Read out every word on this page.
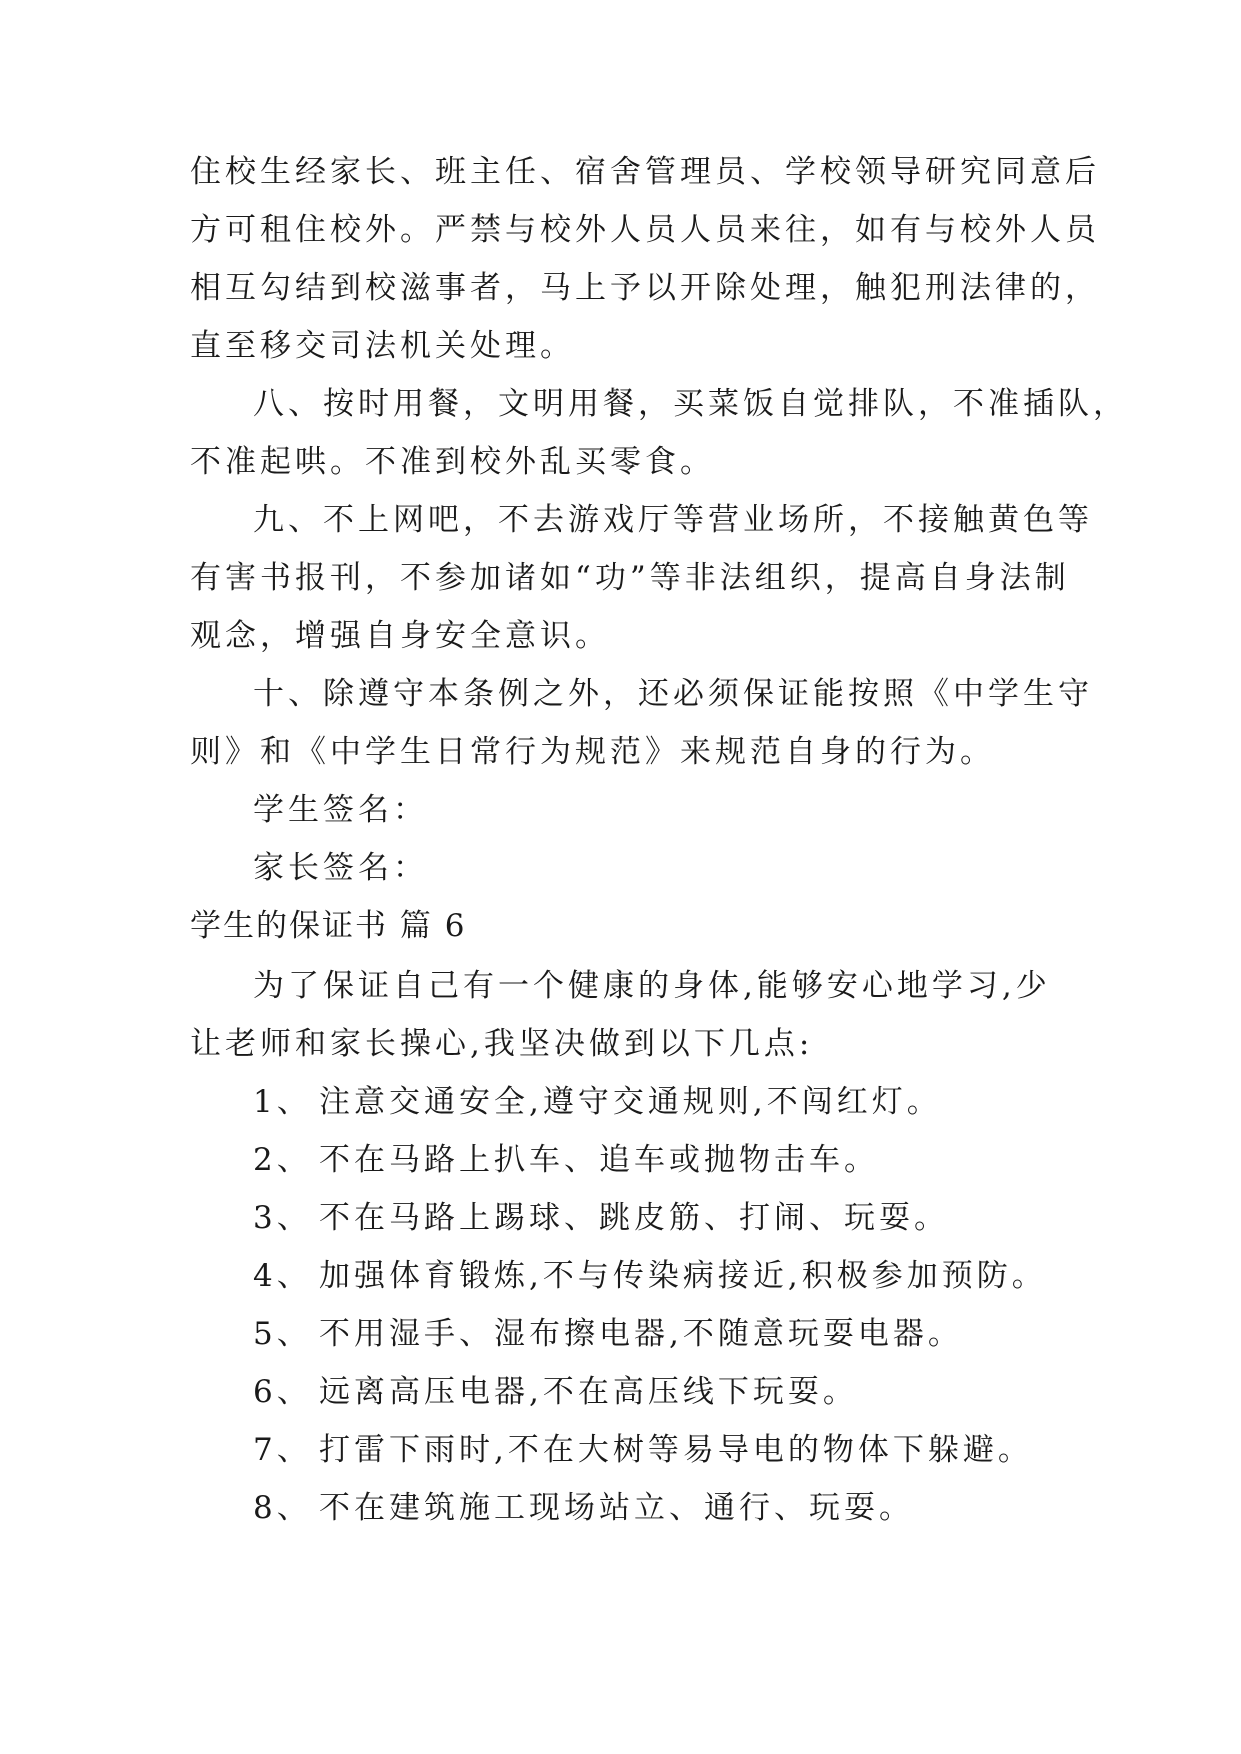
住校生经家长、班主任、宿舍管理员、学校领导研究同意后
方可租住校外。严禁与校外人员人员来往，如有与校外人员
相互勾结到校滋事者，马上予以开除处理，触犯刑法律的，
直至移交司法机关处理。
八、按时用餐，文明用餐，买菜饭自觉排队，不准插队，
不准起哄。不准到校外乱买零食。
九、不上网吧，不去游戏厅等营业场所，不接触黄色等
有害书报刊，不参加诸如“功”等非法组织，提高自身法制
观念，增强自身安全意识。
十、除遵守本条例之外，还必须保证能按照《中学生守
则》和《中学生日常行为规范》来规范自身的行为。
学生签名：
家长签名：
学生的保证书 篇 6
为了保证自己有一个健康的身体,能够安心地学习,少
让老师和家长操心,我坚决做到以下几点:
1、 注意交通安全,遵守交通规则,不闯红灯。
2、 不在马路上扒车、追车或抛物击车。
3、 不在马路上踢球、跳皮筋、打闹、玩耍。
4、 加强体育锻炼,不与传染病接近,积极参加预防。
5、 不用湿手、湿布擦电器,不随意玩耍电器。
6、 远离高压电器,不在高压线下玩耍。
7、 打雷下雨时,不在大树等易导电的物体下躲避。
8、 不在建筑施工现场站立、通行、玩耍。
